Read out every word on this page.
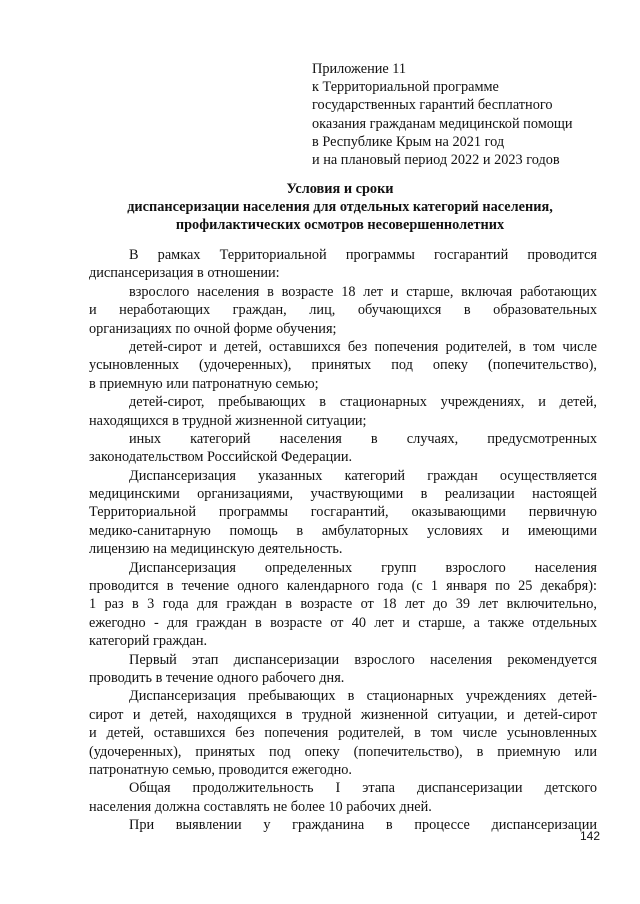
Приложение 11
к Территориальной программе
государственных гарантий бесплатного
оказания гражданам медицинской помощи
в Республике Крым на 2021 год
и на плановый период 2022 и 2023 годов
Условия и сроки
диспансеризации населения для отдельных категорий населения,
профилактических осмотров несовершеннолетних
В рамках Территориальной программы госгарантий проводится
диспансеризация в отношении:
взрослого населения в возрасте 18 лет и старше, включая работающих
и неработающих граждан, лиц, обучающихся в образовательных
организациях по очной форме обучения;
детей-сирот и детей, оставшихся без попечения родителей, в том числе
усыновленных (удочеренных), принятых под опеку (попечительство),
в приемную или патронатную семью;
детей-сирот, пребывающих в стационарных учреждениях, и детей,
находящихся в трудной жизненной ситуации;
иных категорий населения в случаях, предусмотренных
законодательством Российской Федерации.
Диспансеризация указанных категорий граждан осуществляется
медицинскими организациями, участвующими в реализации настоящей
Территориальной программы госгарантий, оказывающими первичную
медико-санитарную помощь в амбулаторных условиях и имеющими
лицензию на медицинскую деятельность.
Диспансеризация определенных групп взрослого населения
проводится в течение одного календарного года (с 1 января по 25 декабря):
1 раз в 3 года для граждан в возрасте от 18 лет до 39 лет включительно,
ежегодно - для граждан в возрасте от 40 лет и старше, а также отдельных
категорий граждан.
Первый этап диспансеризации взрослого населения рекомендуется
проводить в течение одного рабочего дня.
Диспансеризация пребывающих в стационарных учреждениях детей-
сирот и детей, находящихся в трудной жизненной ситуации, и детей-сирот
и детей, оставшихся без попечения родителей, в том числе усыновленных
(удочеренных), принятых под опеку (попечительство), в приемную или
патронатную семью, проводится ежегодно.
Общая продолжительность I этапа диспансеризации детского
населения должна составлять не более 10 рабочих дней.
При выявлении у гражданина в процессе диспансеризации
142
